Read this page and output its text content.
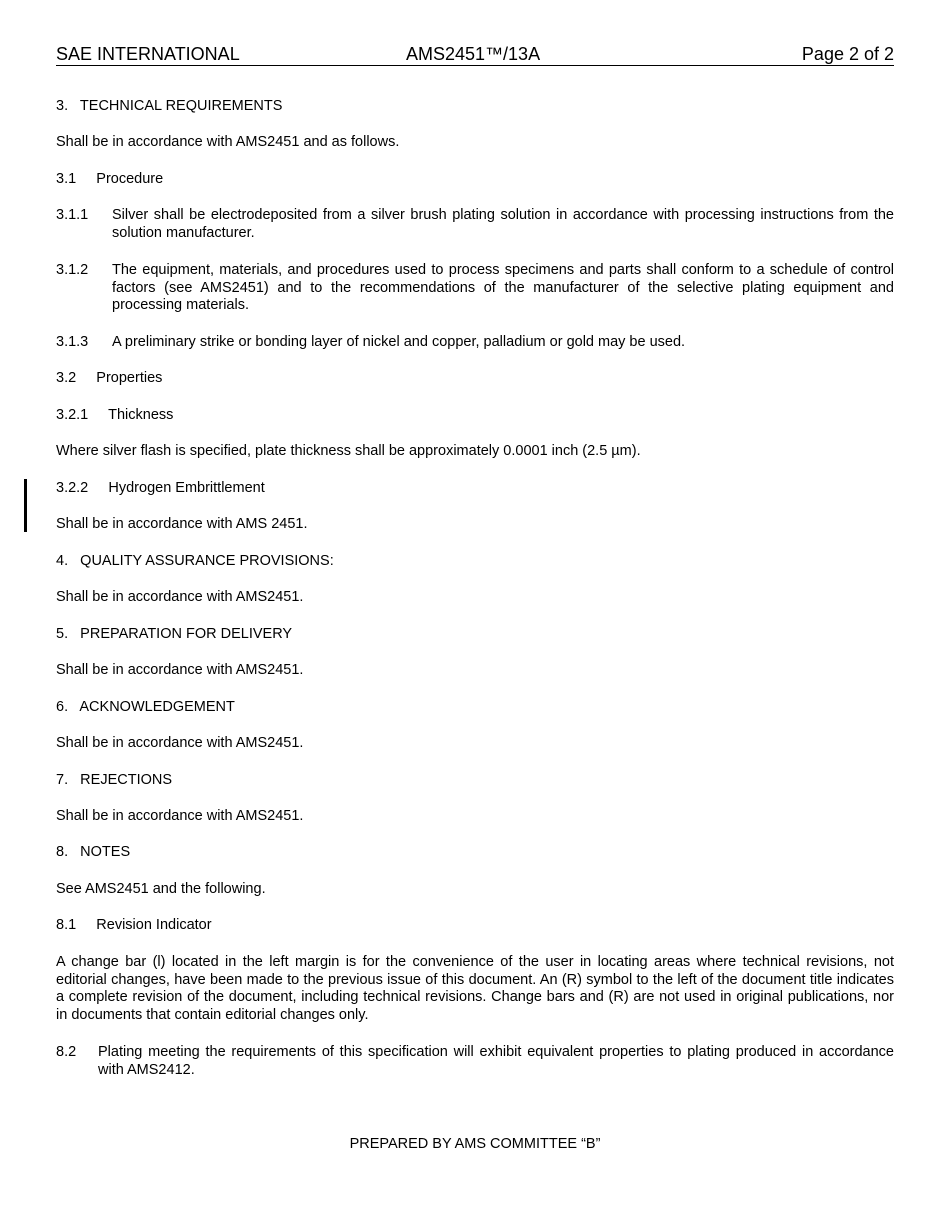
SAE INTERNATIONAL	AMS2451™/13A	Page 2 of 2
3.   TECHNICAL REQUIREMENTS
Shall be in accordance with AMS2451 and as follows.
3.1     Procedure
3.1.1 Silver shall be electrodeposited from a silver brush plating solution in accordance with processing instructions from the solution manufacturer.
3.1.2 The equipment, materials, and procedures used to process specimens and parts shall conform to a schedule of control factors (see AMS2451) and to the recommendations of the manufacturer of the selective plating equipment and processing materials.
3.1.3 A preliminary strike or bonding layer of nickel and copper, palladium or gold may be used.
3.2     Properties
3.2.1     Thickness
Where silver flash is specified, plate thickness shall be approximately 0.0001 inch (2.5 µm).
3.2.2     Hydrogen Embrittlement
Shall be in accordance with AMS 2451.
4.   QUALITY ASSURANCE PROVISIONS:
Shall be in accordance with AMS2451.
5.   PREPARATION FOR DELIVERY
Shall be in accordance with AMS2451.
6.   ACKNOWLEDGEMENT
Shall be in accordance with AMS2451.
7.   REJECTIONS
Shall be in accordance with AMS2451.
8.   NOTES
See AMS2451 and the following.
8.1     Revision Indicator
A change bar (l) located in the left margin is for the convenience of the user in locating areas where technical revisions, not editorial changes, have been made to the previous issue of this document. An (R) symbol to the left of the document title indicates a complete revision of the document, including technical revisions. Change bars and (R) are not used in original publications, nor in documents that contain editorial changes only.
8.2 Plating meeting the requirements of this specification will exhibit equivalent properties to plating produced in accordance with AMS2412.
PREPARED BY AMS COMMITTEE “B”
